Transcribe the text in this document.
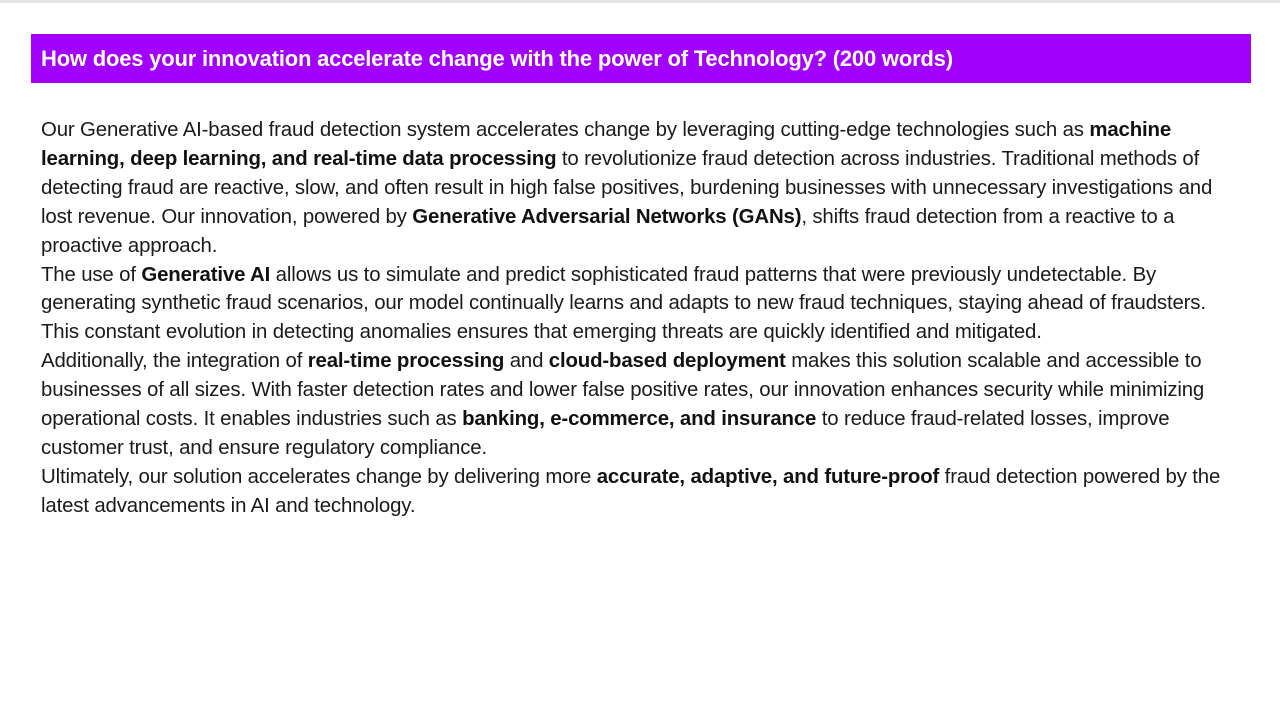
How does your innovation accelerate change with the power of Technology? (200 words)

Our Generative AI-based fraud detection system accelerates change by leveraging cutting-edge technologies such as machine learning, deep learning, and real-time data processing to revolutionize fraud detection across industries. Traditional methods of detecting fraud are reactive, slow, and often result in high false positives, burdening businesses with unnecessary investigations and lost revenue. Our innovation, powered by Generative Adversarial Networks (GANs), shifts fraud detection from a reactive to a proactive approach.

The use of Generative AI allows us to simulate and predict sophisticated fraud patterns that were previously undetectable. By generating synthetic fraud scenarios, our model continually learns and adapts to new fraud techniques, staying ahead of fraudsters. This constant evolution in detecting anomalies ensures that emerging threats are quickly identified and mitigated.

Additionally, the integration of real-time processing and cloud-based deployment makes this solution scalable and accessible to businesses of all sizes. With faster detection rates and lower false positive rates, our innovation enhances security while minimizing operational costs. It enables industries such as banking, e-commerce, and insurance to reduce fraud-related losses, improve customer trust, and ensure regulatory compliance.

Ultimately, our solution accelerates change by delivering more accurate, adaptive, and future-proof fraud detection powered by the latest advancements in AI and technology.
